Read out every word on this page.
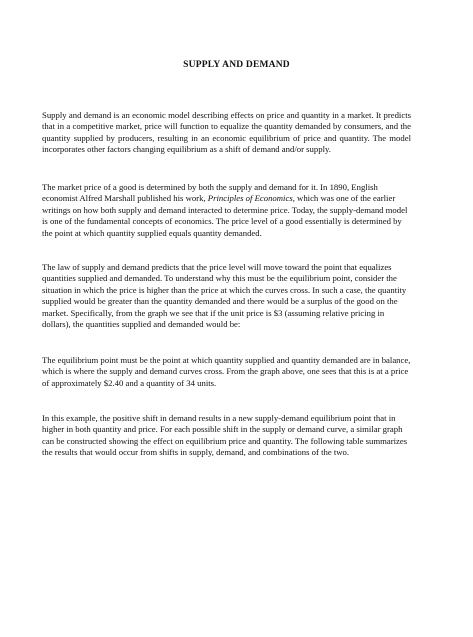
SUPPLY AND DEMAND

Supply and demand is an economic model describing effects on price and quantity in a market. It predicts that in a competitive market, price will function to equalize the quantity demanded by consumers, and the quantity supplied by producers, resulting in an economic equilibrium of price and quantity. The model incorporates other factors changing equilibrium as a shift of demand and/or supply.

The market price of a good is determined by both the supply and demand for it. In 1890, English economist Alfred Marshall published his work, Principles of Economics, which was one of the earlier writings on how both supply and demand interacted to determine price. Today, the supply-demand model is one of the fundamental concepts of economics. The price level of a good essentially is determined by the point at which quantity supplied equals quantity demanded.

The law of supply and demand predicts that the price level will move toward the point that equalizes quantities supplied and demanded. To understand why this must be the equilibrium point, consider the situation in which the price is higher than the price at which the curves cross. In such a case, the quantity supplied would be greater than the quantity demanded and there would be a surplus of the good on the market. Specifically, from the graph we see that if the unit price is $3 (assuming relative pricing in dollars), the quantities supplied and demanded would be:

The equilibrium point must be the point at which quantity supplied and quantity demanded are in balance, which is where the supply and demand curves cross. From the graph above, one sees that this is at a price of approximately $2.40 and a quantity of 34 units.

In this example, the positive shift in demand results in a new supply-demand equilibrium point that in higher in both quantity and price. For each possible shift in the supply or demand curve, a similar graph can be constructed showing the effect on equilibrium price and quantity. The following table summarizes the results that would occur from shifts in supply, demand, and combinations of the two.
